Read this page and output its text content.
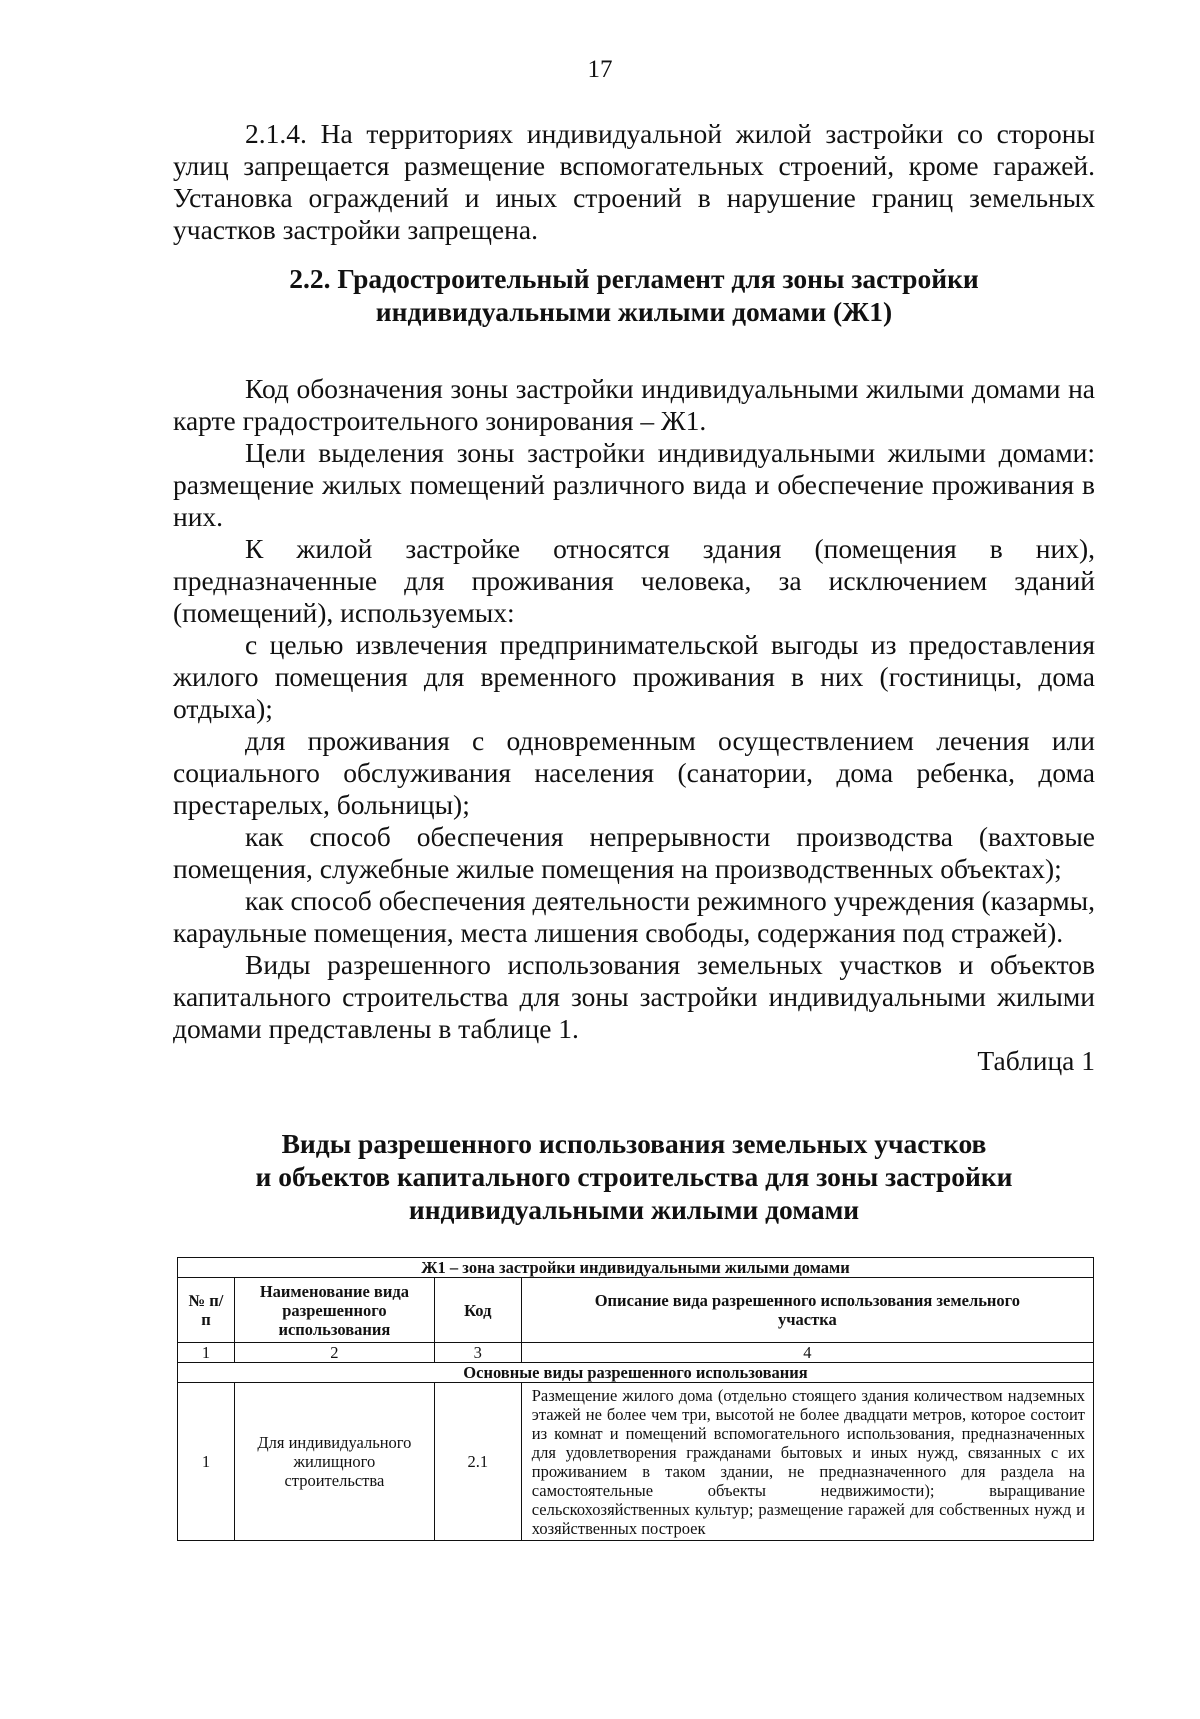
17

2.1.4. На территориях индивидуальной жилой застройки со стороны улиц запрещается размещение вспомогательных строений, кроме гаражей. Установка ограждений и иных строений в нарушение границ земельных участков застройки запрещена.

2.2. Градостроительный регламент для зоны застройки

индивидуальными жилыми домами (Ж1)

Код обозначения зоны застройки индивидуальными жилыми домами на карте градостроительного зонирования – Ж1.

Цели выделения зоны застройки индивидуальными жилыми домами: размещение жилых помещений различного вида и обеспечение проживания в них.

К жилой застройке относятся здания (помещения в них), предназначенные для проживания человека, за исключением зданий (помещений), используемых:

с целью извлечения предпринимательской выгоды из предоставления жилого помещения для временного проживания в них (гостиницы, дома отдыха);

для проживания с одновременным осуществлением лечения или социального обслуживания населения (санатории, дома ребенка, дома престарелых, больницы);

как способ обеспечения непрерывности производства (вахтовые помещения, служебные жилые помещения на производственных объектах);

как способ обеспечения деятельности режимного учреждения (казармы, караульные помещения, места лишения свободы, содержания под стражей).

Виды разрешенного использования земельных участков и объектов капитального строительства для зоны застройки индивидуальными жилыми домами представлены в таблице 1.

Таблица 1

Виды разрешенного использования земельных участков

и объектов капитального строительства для зоны застройки

индивидуальными жилыми домами

Ж1 – зона застройки индивидуальными жилыми домами			
№ п/п	Наименование вида разрешенного использования	Код	Описание вида разрешенного использования земельного участка
1	2	3	4
Основные виды разрешенного использования			
1	Для индивидуального жилищного строительства	2.1	Размещение жилого дома (отдельно стоящего здания количеством надземных этажей не более чем три, высотой не более двадцати метров, которое состоит из комнат и помещений вспомогательного использования, предназначенных для удовлетворения гражданами бытовых и иных нужд, связанных с их проживанием в таком здании, не предназначенного для раздела на самостоятельные объекты недвижимости); выращивание сельскохозяйственных культур; размещение гаражей для собственных нужд и хозяйственных построек
